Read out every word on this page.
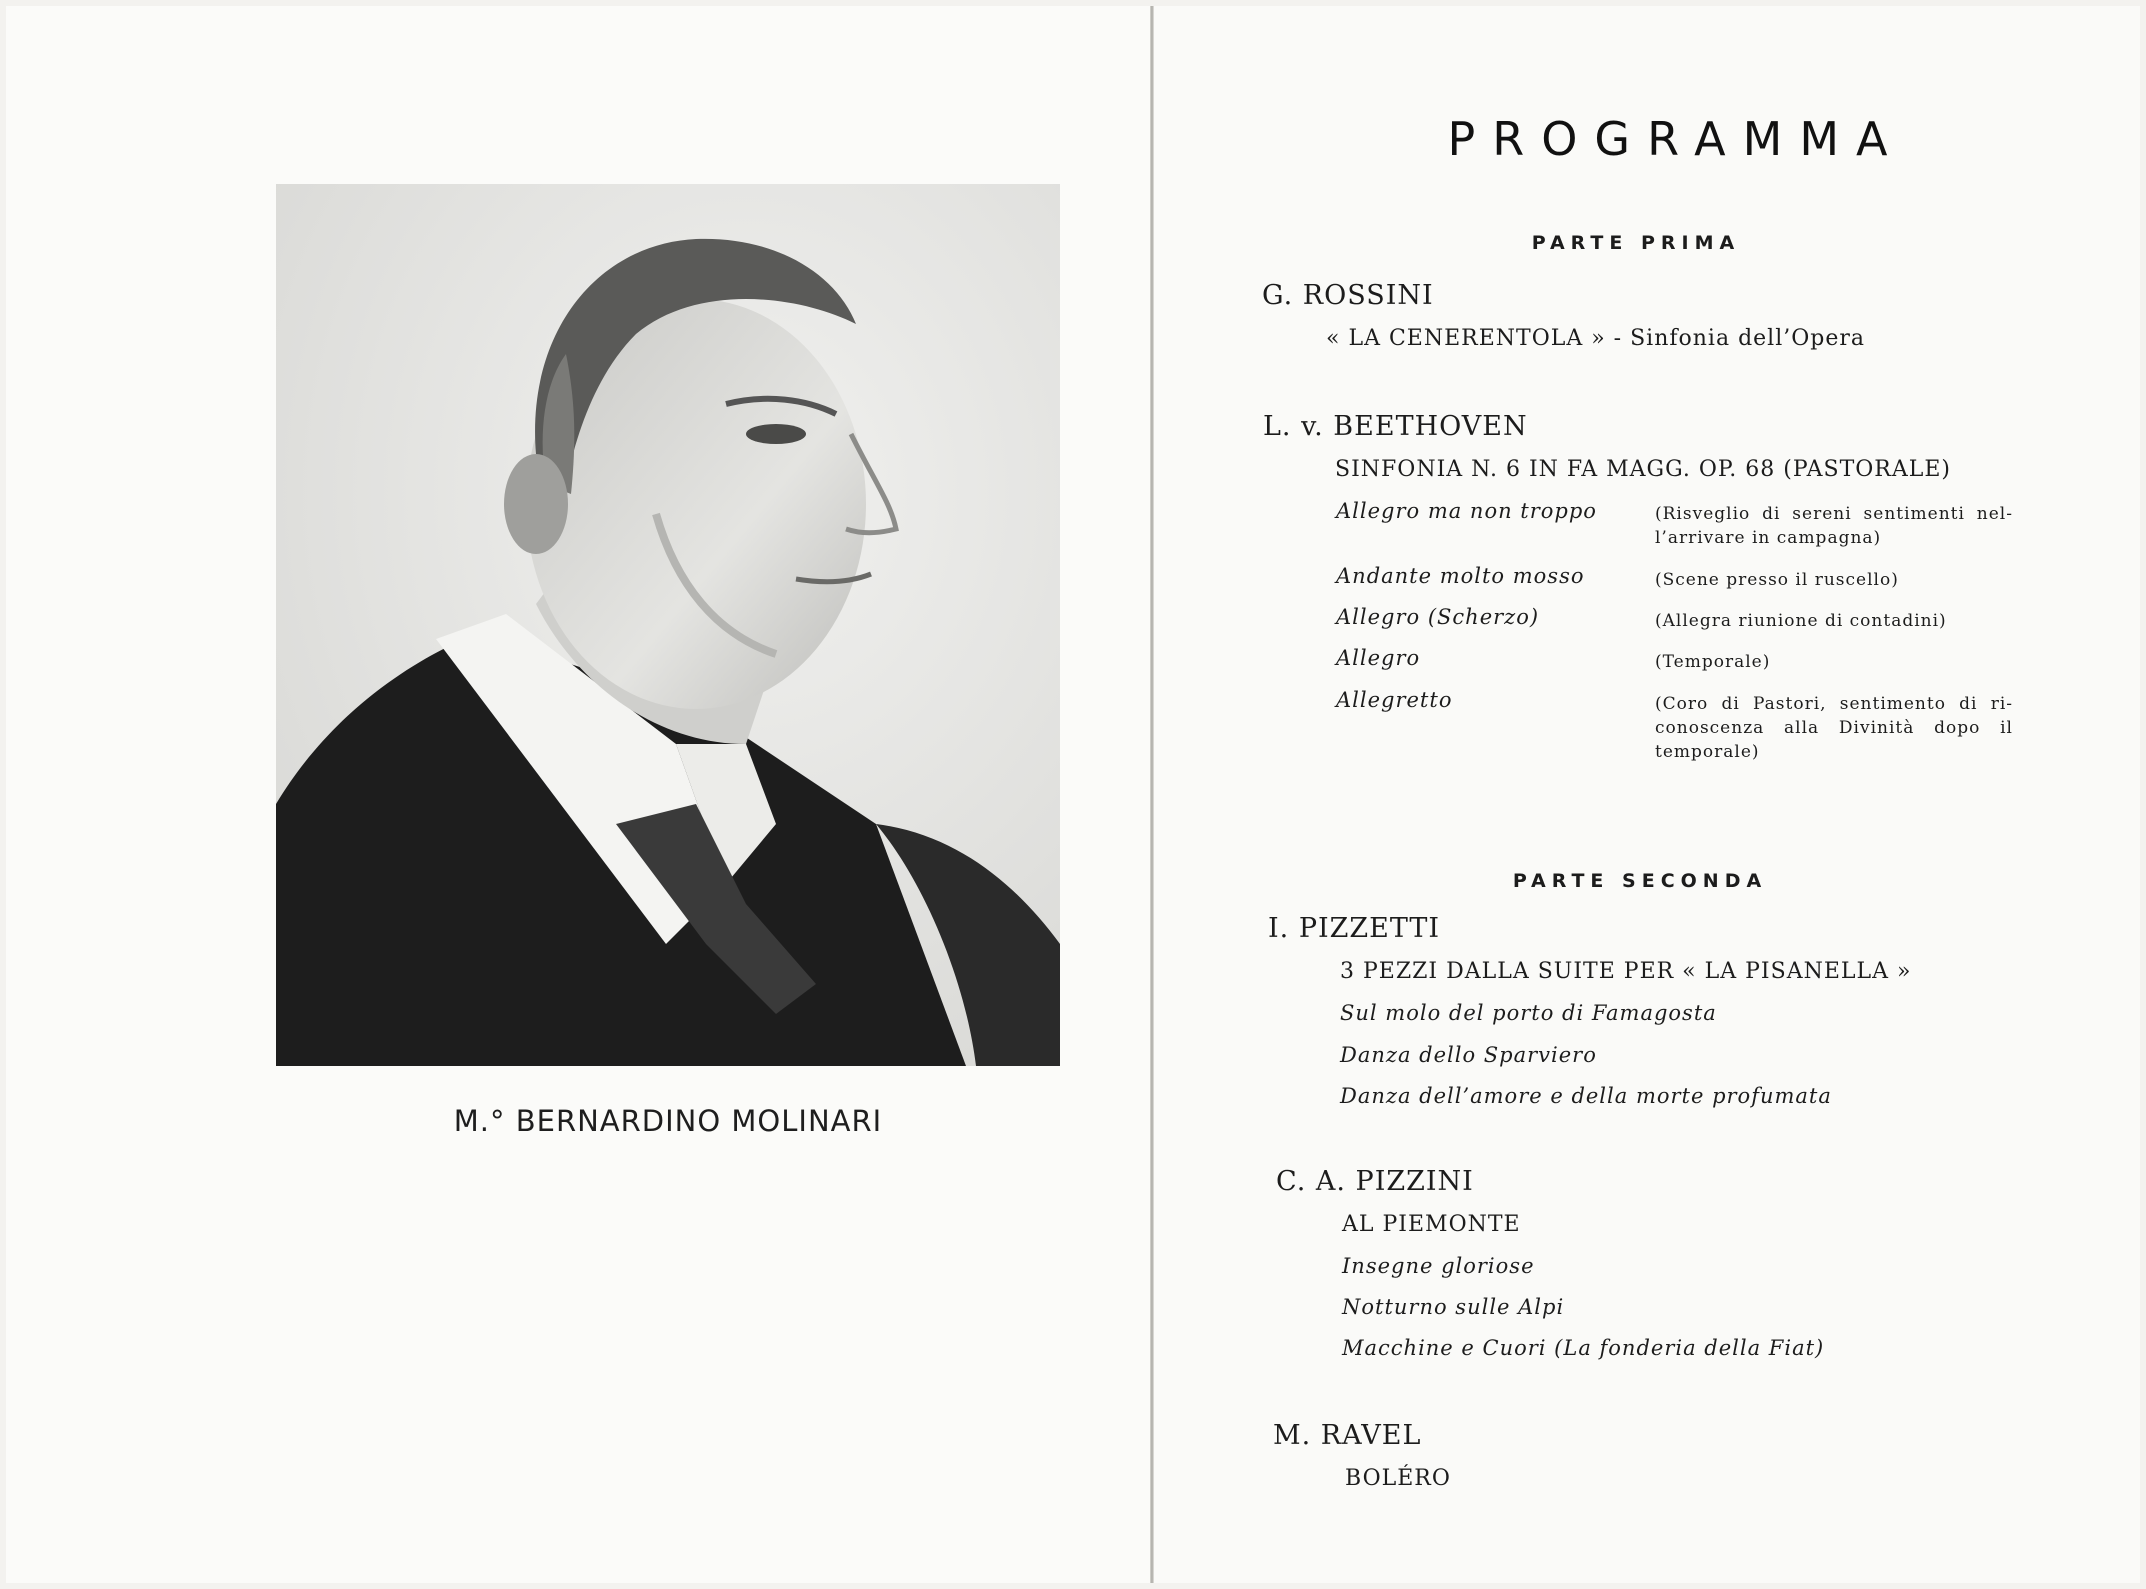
M.° BERNARDINO MOLINARI
PROGRAMMA
PARTE PRIMA
G. ROSSINI
« LA CENERENTOLA » - Sinfonia dell’Opera
L. v. BEETHOVEN
SINFONIA N. 6 IN FA MAGG. OP. 68 (PASTORALE)
Allegro ma non troppo	(Risveglio di sereni sentimenti nel-l’arrivare in campagna)
Andante molto mosso	(Scene presso il ruscello)
Allegro (Scherzo)	(Allegra riunione di contadini)
Allegro	(Temporale)
Allegretto	(Coro di Pastori, sentimento di ri-conoscenza alla Divinità dopo il temporale)
PARTE SECONDA
I. PIZZETTI
3 PEZZI DALLA SUITE PER « LA PISANELLA »
Sul molo del porto di Famagosta
Danza dello Sparviero
Danza dell’amore e della morte profumata
C. A. PIZZINI
AL PIEMONTE
Insegne gloriose
Notturno sulle Alpi
Macchine e Cuori (La fonderia della Fiat)
M. RAVEL
BOLÉRO
